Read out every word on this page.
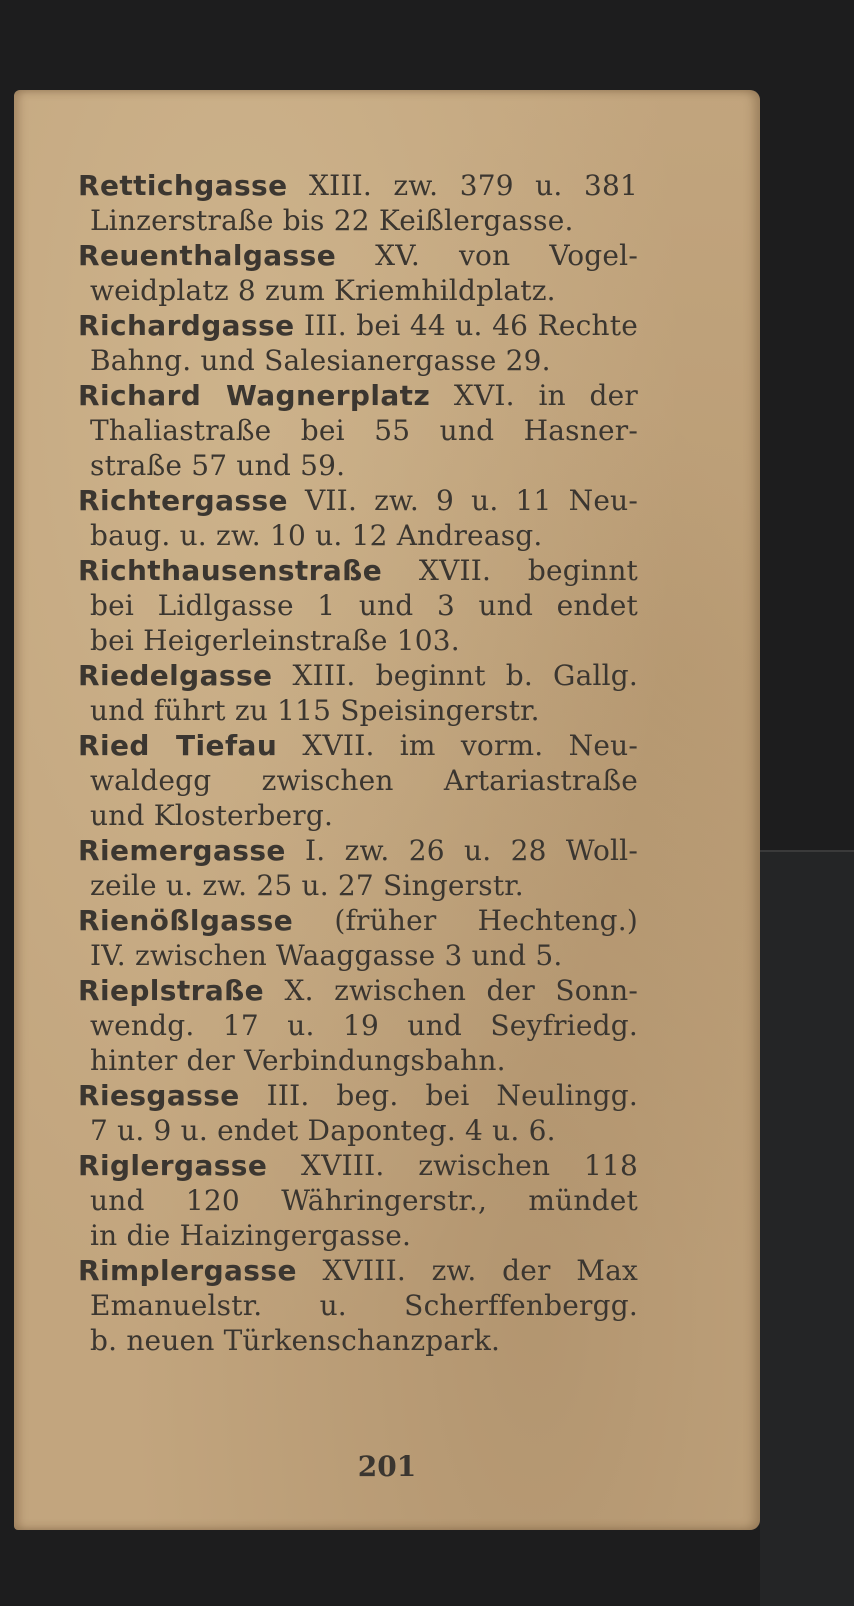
201
Rettichgasse XIII. zw. 379 u. 381
Linzerstraße bis 22 Keißlergasse.
Reuenthalgasse XV. von Vogel-
weidplatz 8 zum Kriemhildplatz.
Richardgasse III. bei 44 u. 46 Rechte
Bahng. und Salesianergasse 29.
Richard Wagnerplatz XVI. in der
Thaliastraße bei 55 und Hasner-
straße 57 und 59.
Richtergasse VII. zw. 9 u. 11 Neu-
baug. u. zw. 10 u. 12 Andreasg.
Richthausenstraße XVII. beginnt
bei Lidlgasse 1 und 3 und endet
bei Heigerleinstraße 103.
Riedelgasse XIII. beginnt b. Gallg.
und führt zu 115 Speisingerstr.
Ried Tiefau XVII. im vorm. Neu-
waldegg zwischen Artariastraße
und Klosterberg.
Riemergasse I. zw. 26 u. 28 Woll-
zeile u. zw. 25 u. 27 Singerstr.
Rienößlgasse (früher Hechteng.)
IV. zwischen Waaggasse 3 und 5.
Rieplstraße X. zwischen der Sonn-
wendg. 17 u. 19 und Seyfriedg.
hinter der Verbindungsbahn.
Riesgasse III. beg. bei Neulingg.
7 u. 9 u. endet Daponteg. 4 u. 6.
Riglergasse XVIII. zwischen 118
und 120 Währingerstr., mündet
in die Haizingergasse.
Rimplergasse XVIII. zw. der Max
Emanuelstr. u. Scherffenbergg.
b. neuen Türkenschanzpark.
